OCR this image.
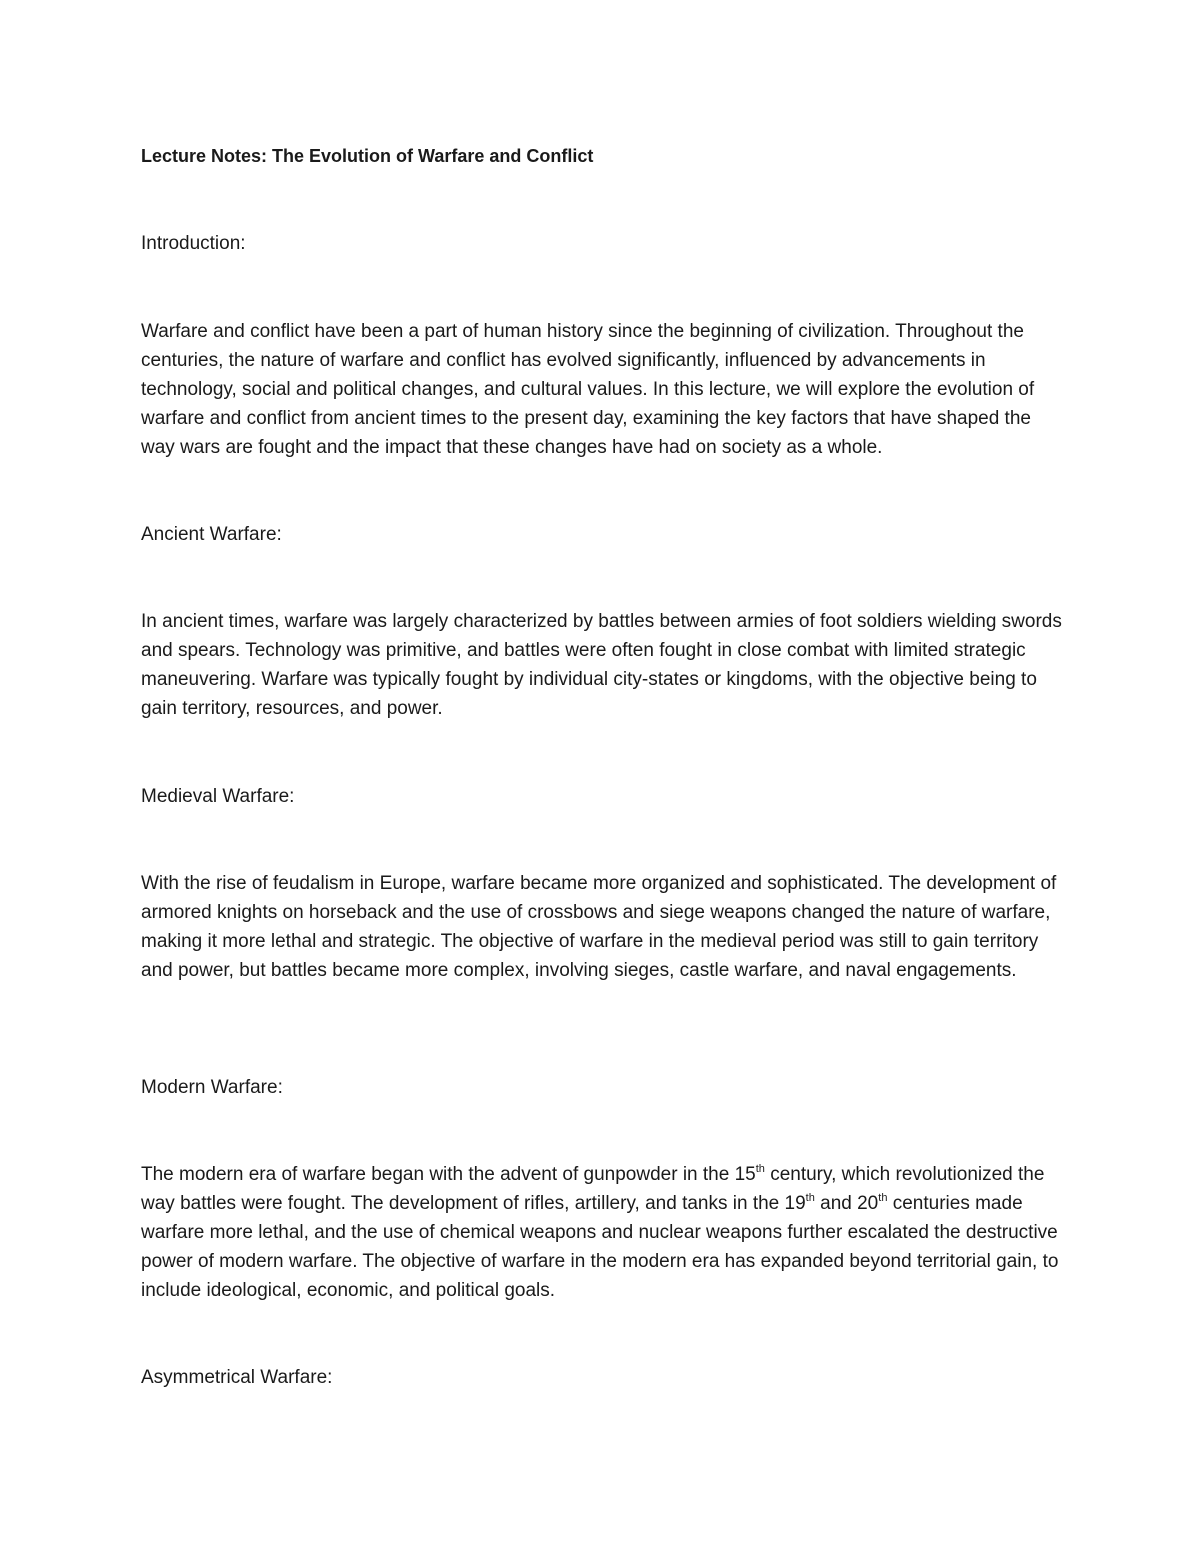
Lecture Notes: The Evolution of Warfare and Conflict

Introduction:

Warfare and conflict have been a part of human history since the beginning of civilization. Throughout the centuries, the nature of warfare and conflict has evolved significantly, influenced by advancements in technology, social and political changes, and cultural values. In this lecture, we will explore the evolution of warfare and conflict from ancient times to the present day, examining the key factors that have shaped the way wars are fought and the impact that these changes have had on society as a whole.

Ancient Warfare:

In ancient times, warfare was largely characterized by battles between armies of foot soldiers wielding swords and spears. Technology was primitive, and battles were often fought in close combat with limited strategic maneuvering. Warfare was typically fought by individual city-states or kingdoms, with the objective being to gain territory, resources, and power.

Medieval Warfare:

With the rise of feudalism in Europe, warfare became more organized and sophisticated. The development of armored knights on horseback and the use of crossbows and siege weapons changed the nature of warfare, making it more lethal and strategic. The objective of warfare in the medieval period was still to gain territory and power, but battles became more complex, involving sieges, castle warfare, and naval engagements.

Modern Warfare:

The modern era of warfare began with the advent of gunpowder in the 15th century, which revolutionized the way battles were fought. The development of rifles, artillery, and tanks in the 19th and 20th centuries made warfare more lethal, and the use of chemical weapons and nuclear weapons further escalated the destructive power of modern warfare. The objective of warfare in the modern era has expanded beyond territorial gain, to include ideological, economic, and political goals.

Asymmetrical Warfare:
